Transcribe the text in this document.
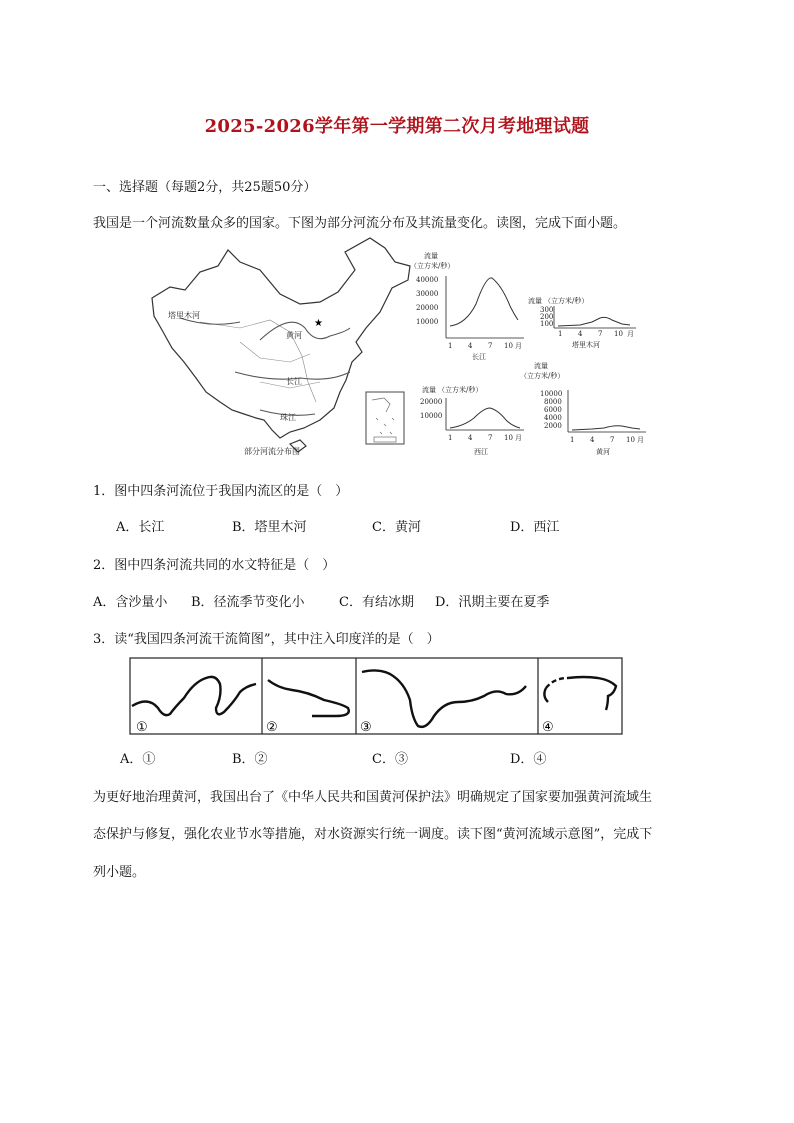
2025-2026学年第一学期第二次月考地理试题
一、选择题（每题2分，共25题50分）
我国是一个河流数量众多的国家。下图为部分河流分布及其流量变化。读图，完成下面小题。
★
塔里木河
黄河
长江
珠江
部分河流分布图
流量
（立方米/秒）
40000
30000
20000
10000
1 4 7 10 月
长江
流量 （立方米/秒）
300
200
100
1 4 7 10 月
塔里木河
流量 （立方米/秒）
20000
10000
1 4 7 10 月
西江
流量
（立方米/秒）
10000
8000
6000
4000
2000
1 4 7 10 月
黄河
1．图中四条河流位于我国内流区的是（　）
A．长江	B．塔里木河	C．黄河	D．西江
2．图中四条河流共同的水文特征是（　）
A．含沙量小 B．径流季节变化小	C．有结冰期 D．汛期主要在夏季
3．读“我国四条河流干流简图”，其中注入印度洋的是（　）
①	②	③	④
A．①	B．②	C．③	D．④
为更好地治理黄河，我国出台了《中华人民共和国黄河保护法》明确规定了国家要加强黄河流域生
态保护与修复，强化农业节水等措施，对水资源实行统一调度。读下图“黄河流域示意图”，完成下
列小题。
